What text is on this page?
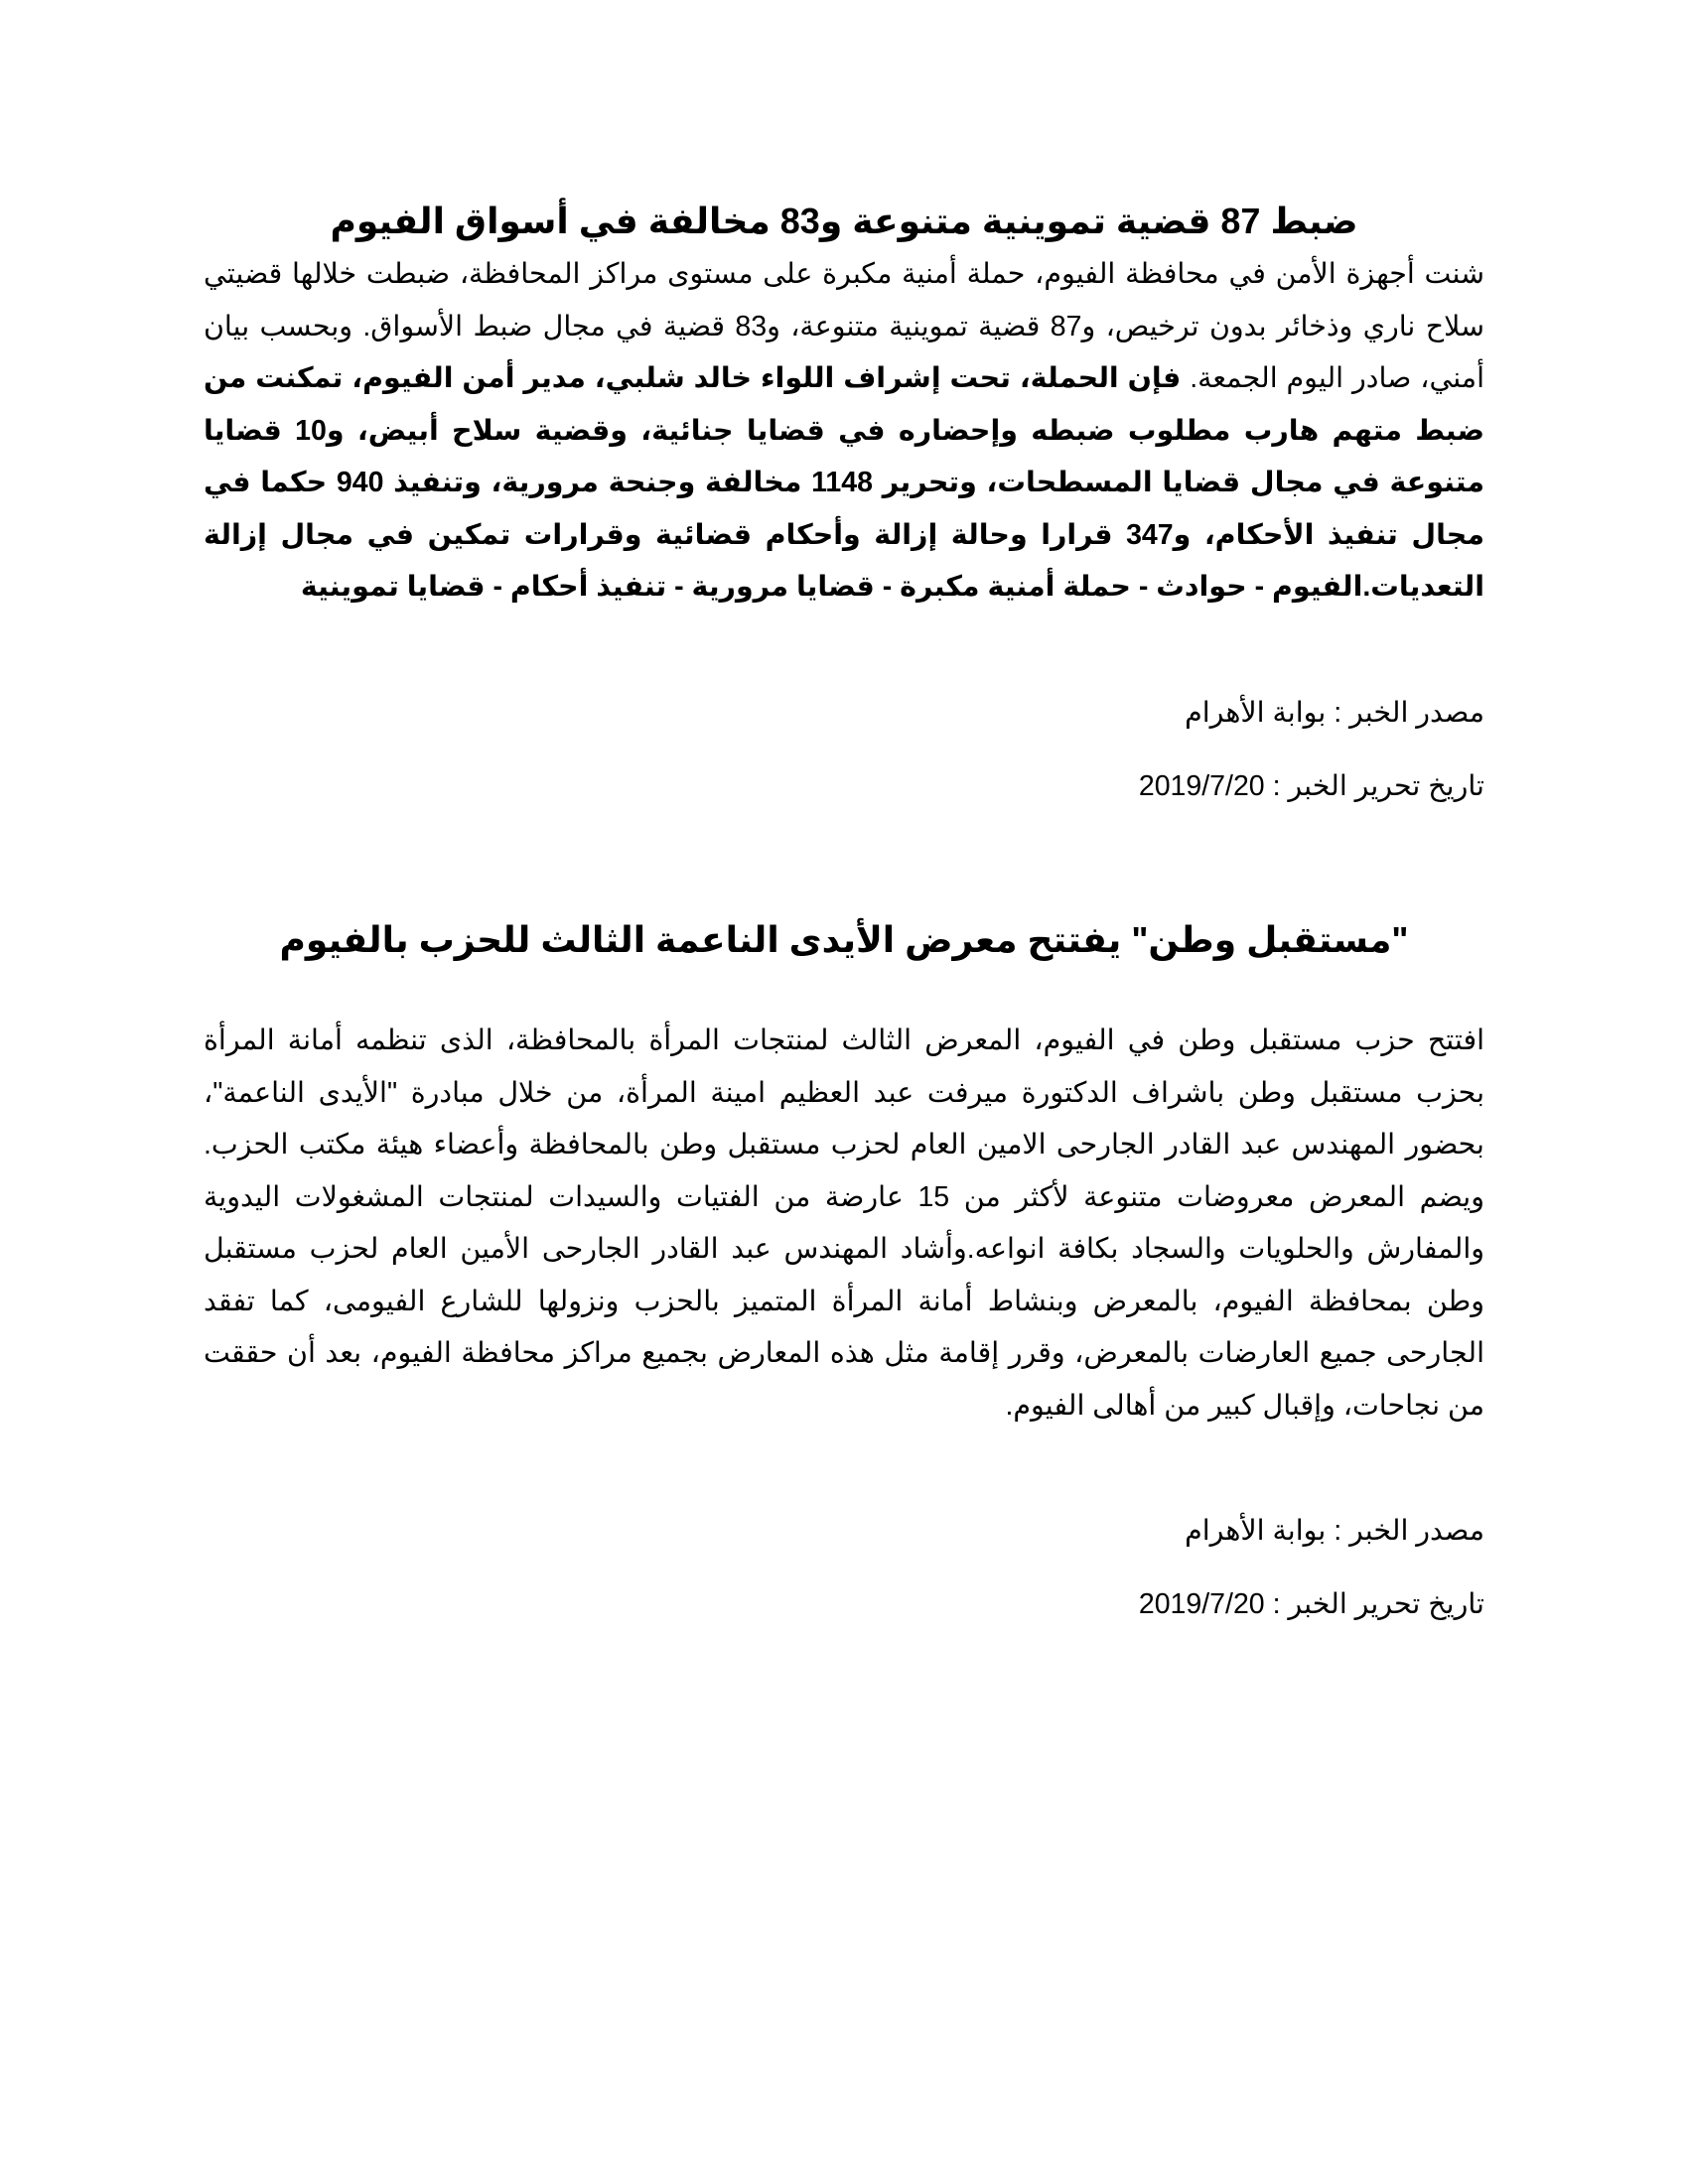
ضبط 87 قضية تموينية متنوعة و83 مخالفة في أسواق الفيوم

شنت أجهزة الأمن في محافظة الفيوم، حملة أمنية مكبرة على مستوى مراكز المحافظة، ضبطت خلالها قضيتي سلاح ناري وذخائر بدون ترخيص، و87 قضية تموينية متنوعة، و83 قضية في مجال ضبط الأسواق. وبحسب بيان أمني، صادر اليوم الجمعة. فإن الحملة، تحت إشراف اللواء خالد شلبي، مدير أمن الفيوم، تمكنت من ضبط متهم هارب مطلوب ضبطه وإحضاره في قضايا جنائية، وقضية سلاح أبيض، و10 قضايا متنوعة في مجال قضايا المسطحات، وتحرير 1148 مخالفة وجنحة مرورية، وتنفيذ 940 حكما في مجال تنفيذ الأحكام، و347 قرارا وحالة إزالة وأحكام قضائية وقرارات تمكين في مجال إزالة التعديات.الفيوم - حوادث - حملة أمنية مكبرة - قضايا مرورية - تنفيذ أحكام - قضايا تموينية

مصدر الخبر : بوابة الأهرام

تاريخ تحرير الخبر : 2019/7/20

"مستقبل وطن" يفتتح معرض الأيدى الناعمة الثالث للحزب بالفيوم

افتتح حزب مستقبل وطن في الفيوم، المعرض الثالث لمنتجات المرأة بالمحافظة، الذى تنظمه أمانة المرأة بحزب مستقبل وطن باشراف الدكتورة ميرفت عبد العظيم امينة المرأة، من خلال مبادرة "الأيدى الناعمة"، بحضور المهندس عبد القادر الجارحى الامين العام لحزب مستقبل وطن بالمحافظة وأعضاء هيئة مكتب الحزب. ويضم المعرض معروضات متنوعة لأكثر من 15 عارضة من الفتيات والسيدات لمنتجات المشغولات اليدوية والمفارش والحلويات والسجاد بكافة انواعه.وأشاد المهندس عبد القادر الجارحى الأمين العام لحزب مستقبل وطن بمحافظة الفيوم، بالمعرض وبنشاط أمانة المرأة المتميز بالحزب ونزولها للشارع الفيومى، كما تفقد الجارحى جميع العارضات بالمعرض، وقرر إقامة مثل هذه المعارض بجميع مراكز محافظة الفيوم، بعد أن حققت من نجاحات، وإقبال كبير من أهالى الفيوم.

مصدر الخبر : بوابة الأهرام

تاريخ تحرير الخبر : 2019/7/20
